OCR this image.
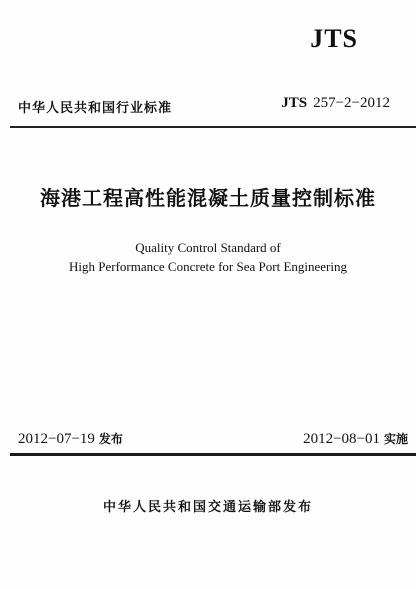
JTS
中华人民共和国行业标准	JTS 257−2−2012
海港工程高性能混凝土质量控制标准
Quality Control Standard of
High Performance Concrete for Sea Port Engineering
2012−07−19 发布	2012−08−01 实施
中华人民共和国交通运输部发布
